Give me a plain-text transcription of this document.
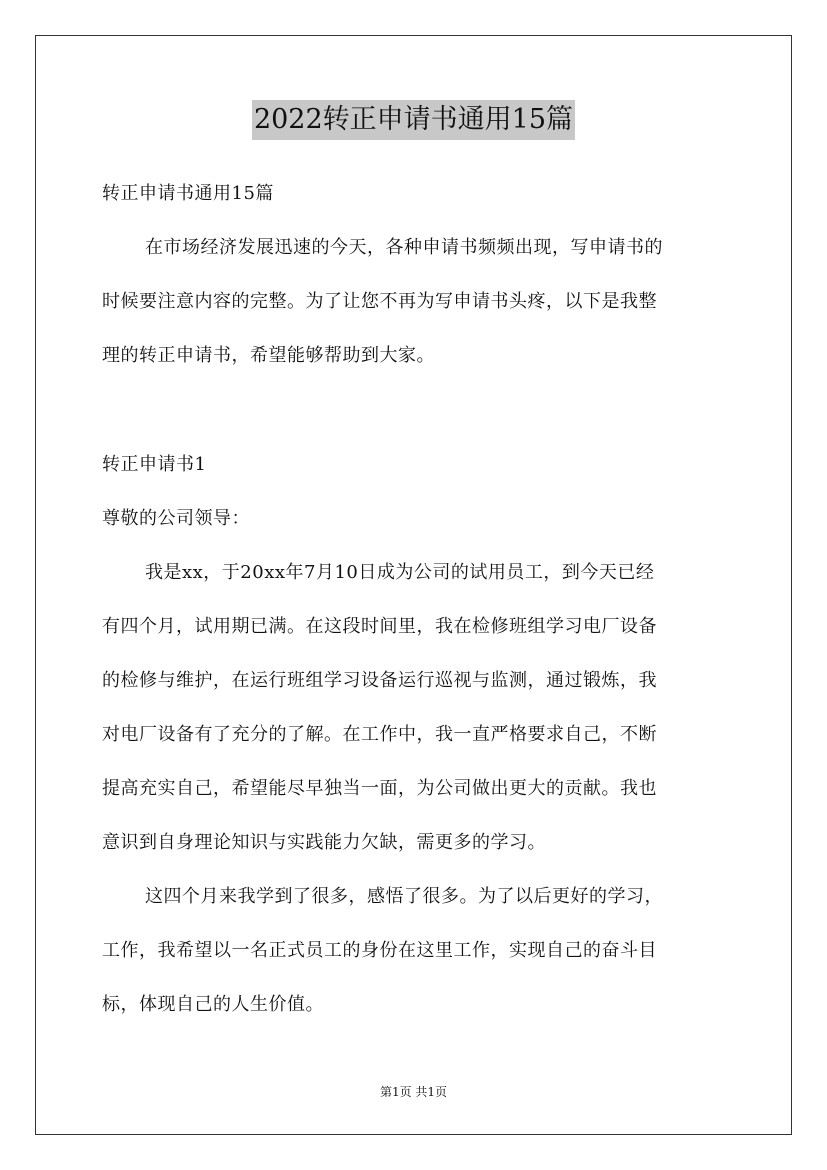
2022转正申请书通用15篇
转正申请书通用15篇
在市场经济发展迅速的今天，各种申请书频频出现，写申请书的
时候要注意内容的完整。为了让您不再为写申请书头疼，以下是我整
理的转正申请书，希望能够帮助到大家。
转正申请书1
尊敬的公司领导：
我是xx，于20xx年7月10日成为公司的试用员工，到今天已经
有四个月，试用期已满。在这段时间里，我在检修班组学习电厂设备
的检修与维护，在运行班组学习设备运行巡视与监测，通过锻炼，我
对电厂设备有了充分的了解。在工作中，我一直严格要求自己，不断
提高充实自己，希望能尽早独当一面，为公司做出更大的贡献。我也
意识到自身理论知识与实践能力欠缺，需更多的学习。
这四个月来我学到了很多，感悟了很多。为了以后更好的学习，
工作，我希望以一名正式员工的身份在这里工作，实现自己的奋斗目
标，体现自己的人生价值。
第1页 共1页
